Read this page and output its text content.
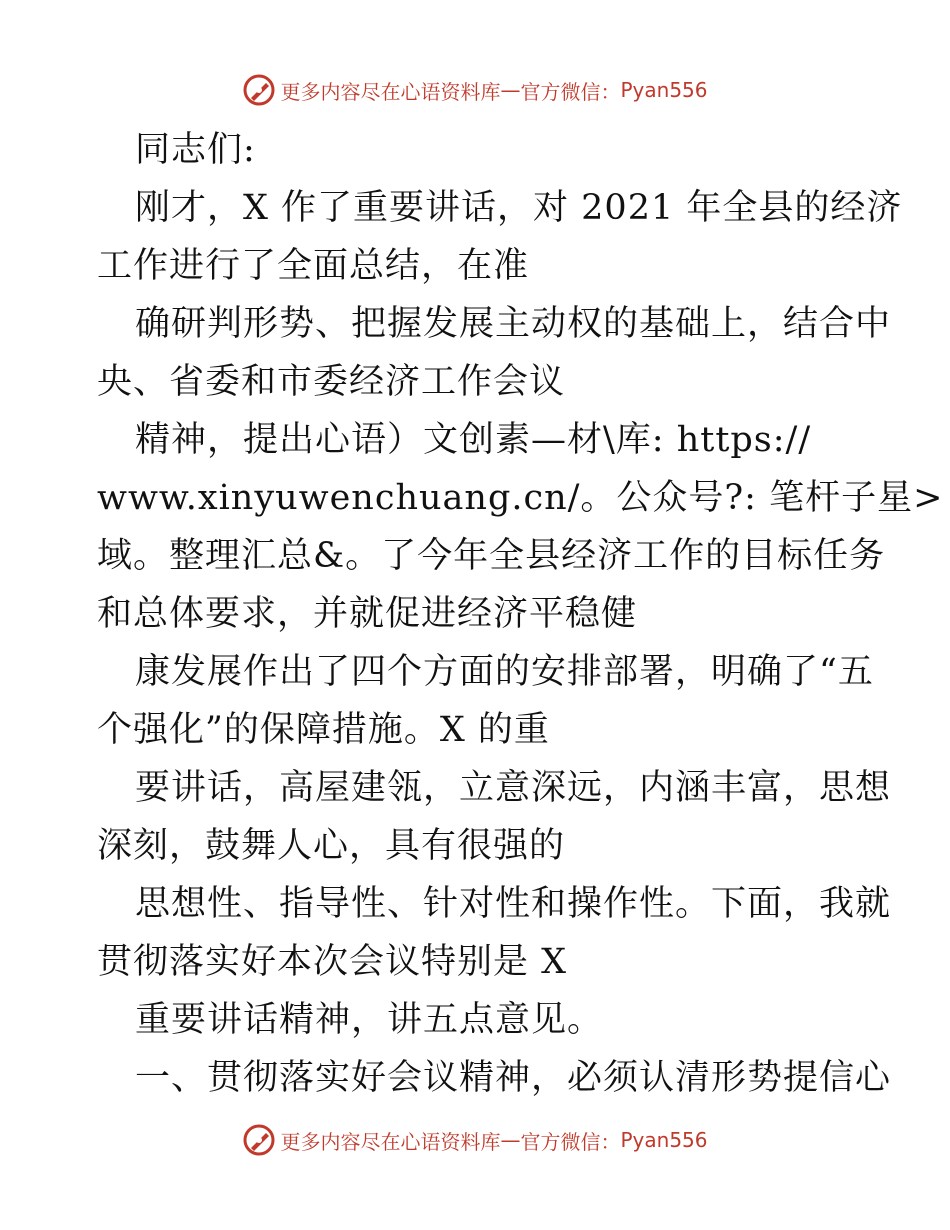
更多内容尽在心语资料库 — 官方微信： Pyan556
同志们:
刚才，X 作了重要讲话，对 2021 年全县的经济
工作进行了全面总结，在准
确研判形势、把握发展主动权的基础上，结合中
央、省委和市委经济工作会议
精神，提出心语）文创素—材\库: https://
www.xinyuwenchuang.cn/。公众号?: 笔杆子星>
域。整理汇总&。了今年全县经济工作的目标任务
和总体要求，并就促进经济平稳健
康发展作出了四个方面的安排部署，明确了“五
个强化”的保障措施。X 的重
要讲话，高屋建瓴，立意深远，内涵丰富，思想
深刻，鼓舞人心，具有很强的
思想性、指导性、针对性和操作性。下面，我就
贯彻落实好本次会议特别是 X
重要讲话精神，讲五点意见。
一、贯彻落实好会议精神，必须认清形势提信心
更多内容尽在心语资料库 — 官方微信： Pyan556
